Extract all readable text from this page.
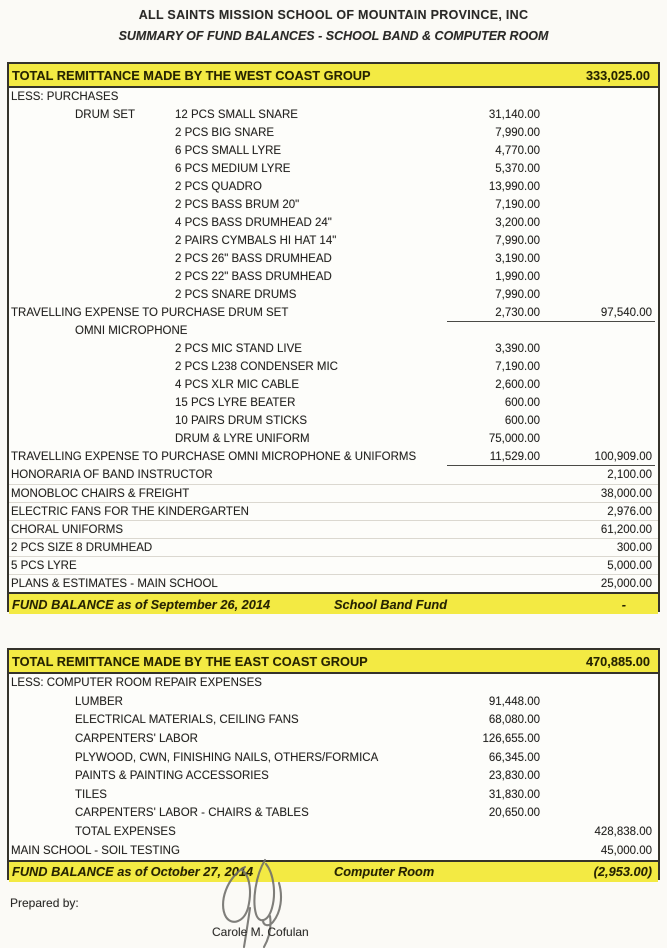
ALL SAINTS MISSION SCHOOL OF MOUNTAIN PROVINCE, INC
SUMMARY OF FUND BALANCES - SCHOOL BAND & COMPUTER ROOM
TOTAL REMITTANCE MADE BY THE WEST COAST GROUP	333,025.00
LESS: PURCHASES
DRUM SET	12 PCS SMALL SNARE	31,140.00
2 PCS BIG SNARE	7,990.00
6 PCS SMALL LYRE	4,770.00
6 PCS MEDIUM LYRE	5,370.00
2 PCS QUADRO	13,990.00
2 PCS BASS BRUM 20"	7,190.00
4 PCS BASS DRUMHEAD 24"	3,200.00
2 PAIRS CYMBALS HI HAT 14"	7,990.00
2 PCS 26" BASS DRUMHEAD	3,190.00
2 PCS 22" BASS DRUMHEAD	1,990.00
2 PCS SNARE DRUMS	7,990.00
TRAVELLING EXPENSE TO PURCHASE DRUM SET	2,730.00	97,540.00
OMNI MICROPHONE
2 PCS MIC STAND LIVE	3,390.00
2 PCS L238 CONDENSER MIC	7,190.00
4 PCS XLR MIC CABLE	2,600.00
15 PCS LYRE BEATER	600.00
10 PAIRS DRUM STICKS	600.00
DRUM & LYRE UNIFORM	75,000.00
TRAVELLING EXPENSE TO PURCHASE OMNI MICROPHONE & UNIFORMS	11,529.00	100,909.00
HONORARIA OF BAND INSTRUCTOR	2,100.00
MONOBLOC CHAIRS & FREIGHT	38,000.00
ELECTRIC FANS FOR THE KINDERGARTEN	2,976.00
CHORAL UNIFORMS	61,200.00
2 PCS SIZE 8 DRUMHEAD	300.00
5 PCS LYRE	5,000.00
PLANS & ESTIMATES - MAIN SCHOOL	25,000.00
FUND BALANCE as of September 26, 2014	School Band Fund	-
TOTAL REMITTANCE MADE BY THE EAST COAST GROUP	470,885.00
LESS: COMPUTER ROOM REPAIR EXPENSES
LUMBER	91,448.00
ELECTRICAL MATERIALS, CEILING FANS	68,080.00
CARPENTERS' LABOR	126,655.00
PLYWOOD, CWN, FINISHING NAILS, OTHERS/FORMICA	66,345.00
PAINTS & PAINTING ACCESSORIES	23,830.00
TILES	31,830.00
CARPENTERS' LABOR - CHAIRS & TABLES	20,650.00
TOTAL EXPENSES	428,838.00
MAIN SCHOOL - SOIL TESTING	45,000.00
FUND BALANCE as of October 27, 2014	Computer Room	(2,953.00)
Prepared by:
Carole M. Cofulan
